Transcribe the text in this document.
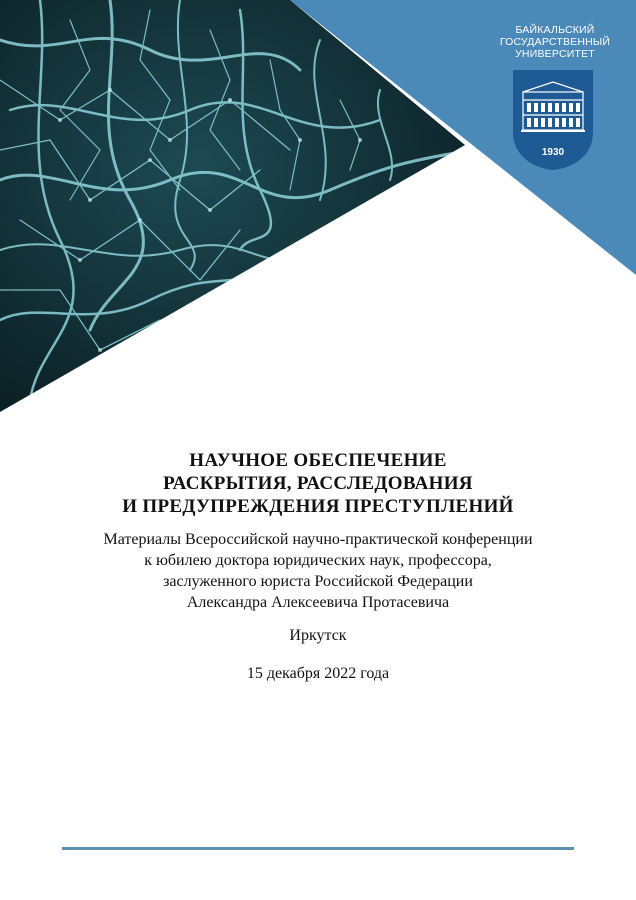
БАЙКАЛЬСКИЙ
ГОСУДАРСТВЕННЫЙ
УНИВЕРСИТЕТ
1930
НАУЧНОЕ ОБЕСПЕЧЕНИЕ
РАСКРЫТИЯ, РАССЛЕДОВАНИЯ
И ПРЕДУПРЕЖДЕНИЯ ПРЕСТУПЛЕНИЙ
Материалы Всероссийской научно-практической конференции
к юбилею доктора юридических наук, профессора,
заслуженного юриста Российской Федерации
Александра Алексеевича Протасевича
Иркутск
15 декабря 2022 года
